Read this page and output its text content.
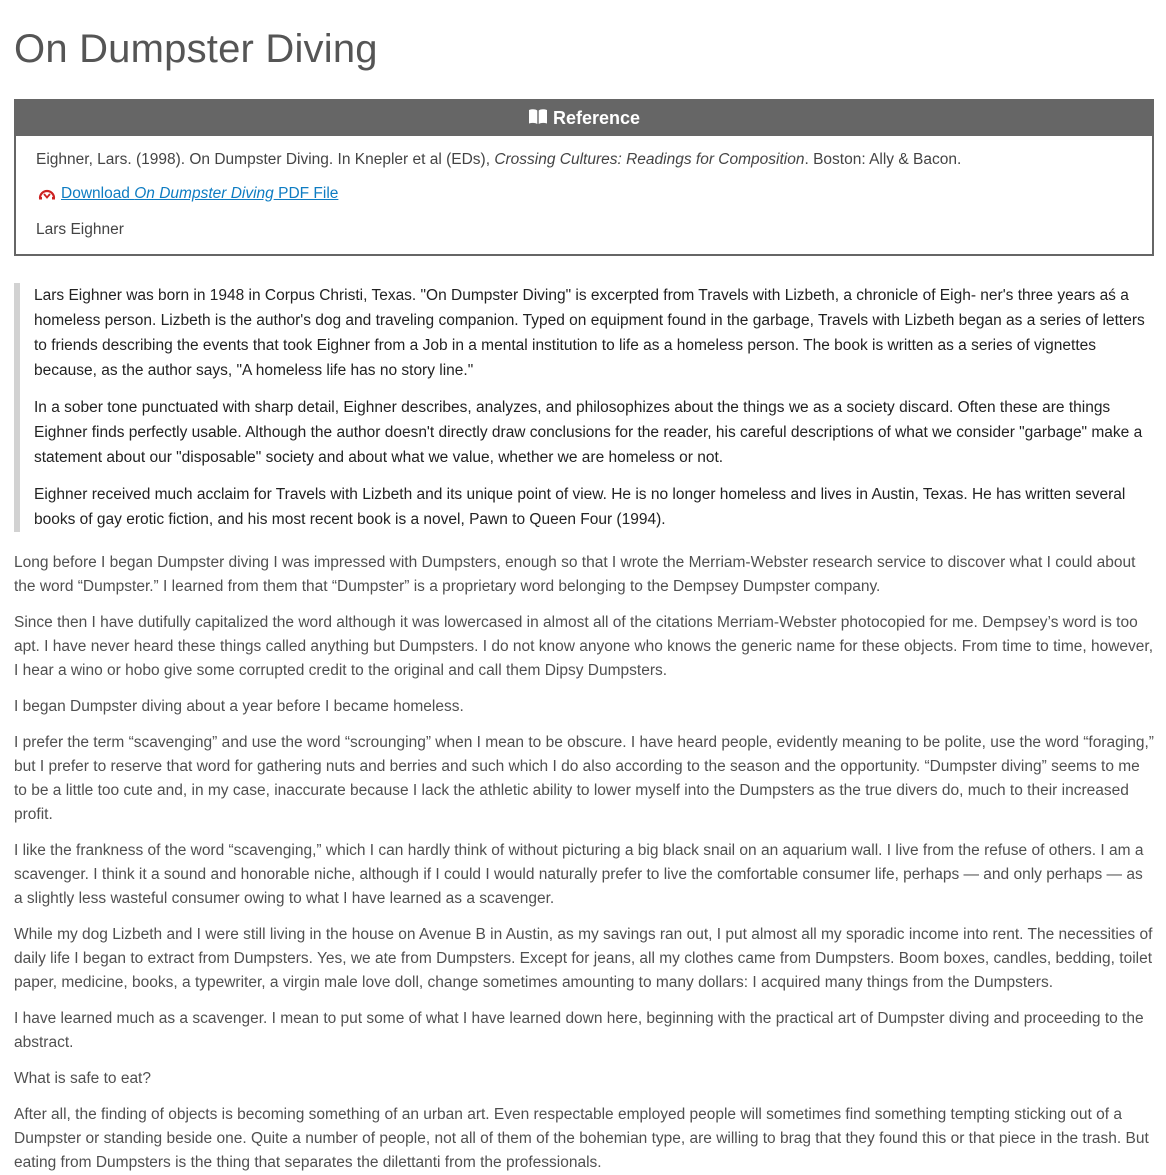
On Dumpster Diving
Reference

Eighner, Lars. (1998). On Dumpster Diving. In Knepler et al (EDs), Crossing Cultures: Readings for Composition. Boston: Ally & Bacon.

Download On Dumpster Diving PDF File

Lars Eighner

Lars Eighner was born in 1948 in Corpus Christi, Texas. "On Dumpster Diving" is excerpted from Travels with Lizbeth, a chronicle of Eigh- ner's three years aś a homeless person. Lizbeth is the author's dog and traveling companion. Typed on equipment found in the garbage, Travels with Lizbeth began as a series of letters to friends describing the events that took Eighner from a Job in a mental institution to life as a homeless person. The book is written as a series of vignettes because, as the author says, "A homeless life has no story line."

In a sober tone punctuated with sharp detail, Eighner describes, analyzes, and philosophizes about the things we as a society discard. Often these are things Eighner finds perfectly usable. Although the author doesn't directly draw conclusions for the reader, his careful descriptions of what we consider "garbage" make a statement about our "disposable" society and about what we value, whether we are homeless or not.

Eighner received much acclaim for Travels with Lizbeth and its unique point of view. He is no longer homeless and lives in Austin, Texas. He has written several books of gay erotic fiction, and his most recent book is a novel, Pawn to Queen Four (1994).

Long before I began Dumpster diving I was impressed with Dumpsters, enough so that I wrote the Merriam-Webster research service to discover what I could about the word “Dumpster.” I learned from them that “Dumpster” is a proprietary word belonging to the Dempsey Dumpster company.

Since then I have dutifully capitalized the word although it was lowercased in almost all of the citations Merriam-Webster photocopied for me. Dempsey’s word is too apt. I have never heard these things called anything but Dumpsters. I do not know anyone who knows the generic name for these objects. From time to time, however, I hear a wino or hobo give some corrupted credit to the original and call them Dipsy Dumpsters.

I began Dumpster diving about a year before I became homeless.

I prefer the term “scavenging” and use the word “scrounging” when I mean to be obscure. I have heard people, evidently meaning to be polite, use the word “foraging,” but I prefer to reserve that word for gathering nuts and berries and such which I do also according to the season and the opportunity. “Dumpster diving” seems to me to be a little too cute and, in my case, inaccurate because I lack the athletic ability to lower myself into the Dumpsters as the true divers do, much to their increased profit.

I like the frankness of the word “scavenging,” which I can hardly think of without picturing a big black snail on an aquarium wall. I live from the refuse of others. I am a scavenger. I think it a sound and honorable niche, although if I could I would naturally prefer to live the comfortable consumer life, perhaps — and only perhaps — as a slightly less wasteful consumer owing to what I have learned as a scavenger.

While my dog Lizbeth and I were still living in the house on Avenue B in Austin, as my savings ran out, I put almost all my sporadic income into rent. The necessities of daily life I began to extract from Dumpsters. Yes, we ate from Dumpsters. Except for jeans, all my clothes came from Dumpsters. Boom boxes, candles, bedding, toilet paper, medicine, books, a typewriter, a virgin male love doll, change sometimes amounting to many dollars: I acquired many things from the Dumpsters.

I have learned much as a scavenger. I mean to put some of what I have learned down here, beginning with the practical art of Dumpster diving and proceeding to the abstract.

What is safe to eat?

After all, the finding of objects is becoming something of an urban art. Even respectable employed people will sometimes find something tempting sticking out of a Dumpster or standing beside one. Quite a number of people, not all of them of the bohemian type, are willing to brag that they found this or that piece in the trash. But eating from Dumpsters is the thing that separates the dilettanti from the professionals.
